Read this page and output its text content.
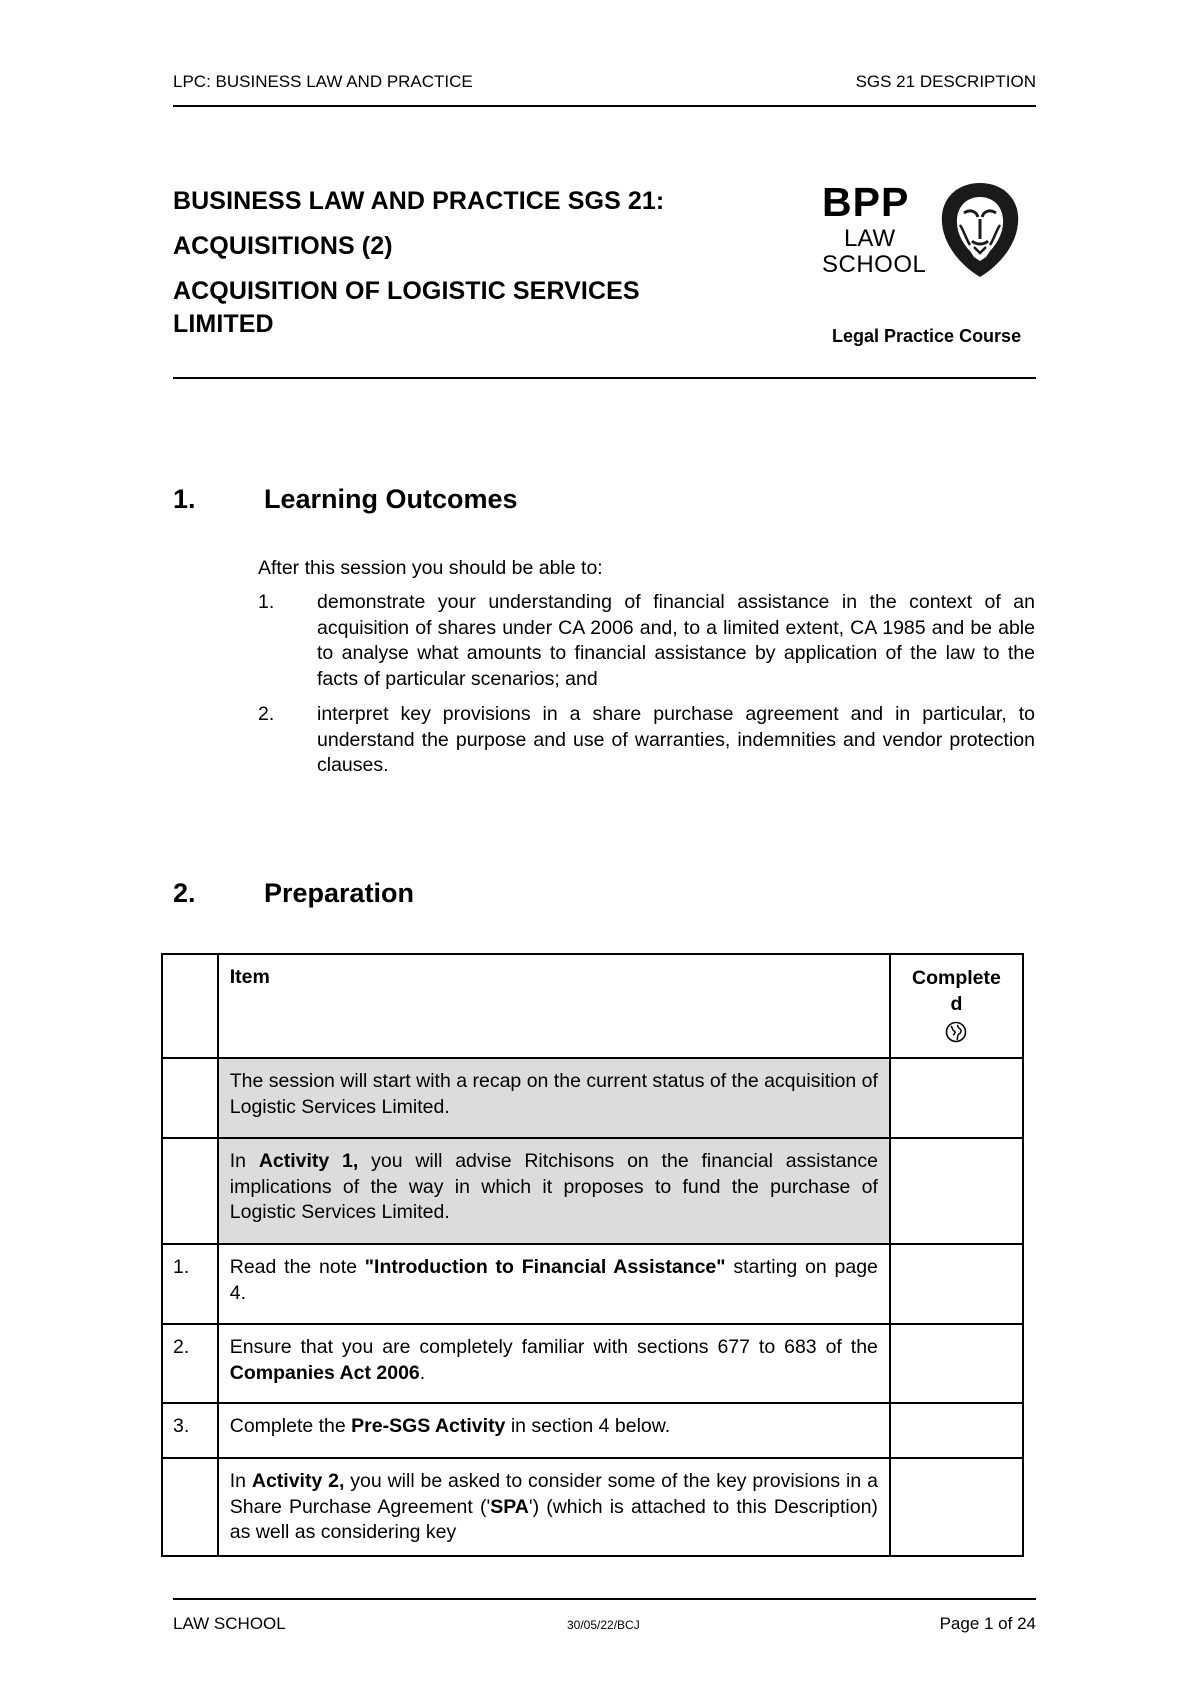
LPC: BUSINESS LAW AND PRACTICE	SGS 21 DESCRIPTION
BUSINESS LAW AND PRACTICE SGS 21:
ACQUISITIONS (2)
ACQUISITION OF LOGISTIC SERVICES
LIMITED
BPP
LAW
SCHOOL
Legal Practice Course
1.	Learning Outcomes
After this session you should be able to:
1. demonstrate your understanding of financial assistance in the context of an acquisition of shares under CA 2006 and, to a limited extent, CA 1985 and be able to analyse what amounts to financial assistance by application of the law to the facts of particular scenarios; and
2. interpret key provisions in a share purchase agreement and in particular, to understand the purpose and use of warranties, indemnities and vendor protection clauses.
2.	Preparation
	Item	Complete
d

	The session will start with a recap on the current status of the acquisition of Logistic Services Limited.	
	In Activity 1, you will advise Ritchisons on the financial assistance implications of the way in which it proposes to fund the purchase of Logistic Services Limited.	
1.	Read the note "Introduction to Financial Assistance" starting on page 4.	
2.	Ensure that you are completely familiar with sections 677 to 683 of the Companies Act 2006.	
3.	Complete the Pre-SGS Activity in section 4 below.	
	In Activity 2, you will be asked to consider some of the key provisions in a Share Purchase Agreement ('SPA') (which is attached to this Description) as well as considering key	
LAW SCHOOL	30/05/22/BCJ	Page 1 of 24
